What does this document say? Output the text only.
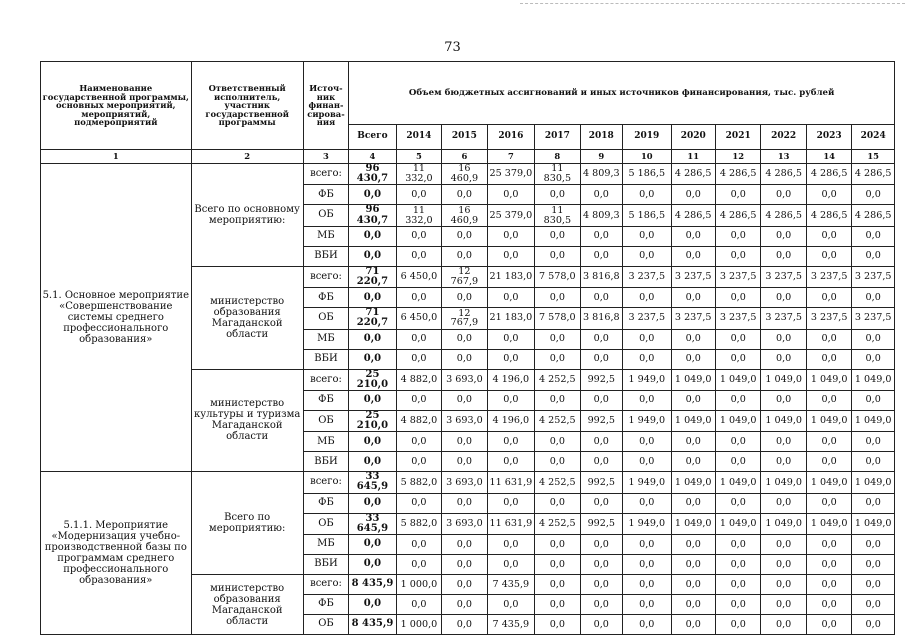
73
Наименование государственной программы, основных мероприятий, мероприятий, подмероприятий	Ответственный исполнитель, участник государственной программы	Источ- ник финан- сирова- ния	Объем бюджетных ассигнований и иных источников финансирования, тыс. рублей											
			Всего	2014	2015	2016	2017	2018	2019	2020	2021	2022	2023	2024
1	2	3	4	5	6	7	8	9	10	11	12	13	14	15
5.1. Основное мероприятие «Совершенствование системы среднего профессионального образования»	Всего по основному мероприятию:	всего:	96 430,7	11 332,0	16 460,9	25 379,0	11 830,5	4 809,3	5 186,5	4 286,5	4 286,5	4 286,5	4 286,5	4 286,5
		ФБ	0,0	0,0	0,0	0,0	0,0	0,0	0,0	0,0	0,0	0,0	0,0	0,0
		ОБ	96 430,7	11 332,0	16 460,9	25 379,0	11 830,5	4 809,3	5 186,5	4 286,5	4 286,5	4 286,5	4 286,5	4 286,5
		МБ	0,0	0,0	0,0	0,0	0,0	0,0	0,0	0,0	0,0	0,0	0,0	0,0
		ВБИ	0,0	0,0	0,0	0,0	0,0	0,0	0,0	0,0	0,0	0,0	0,0	0,0
	министерство образования Магаданской области	всего:	71 220,7	6 450,0	12 767,9	21 183,0	7 578,0	3 816,8	3 237,5	3 237,5	3 237,5	3 237,5	3 237,5	3 237,5
		ФБ	0,0	0,0	0,0	0,0	0,0	0,0	0,0	0,0	0,0	0,0	0,0	0,0
		ОБ	71 220,7	6 450,0	12 767,9	21 183,0	7 578,0	3 816,8	3 237,5	3 237,5	3 237,5	3 237,5	3 237,5	3 237,5
		МБ	0,0	0,0	0,0	0,0	0,0	0,0	0,0	0,0	0,0	0,0	0,0	0,0
		ВБИ	0,0	0,0	0,0	0,0	0,0	0,0	0,0	0,0	0,0	0,0	0,0	0,0
	министерство культуры и туризма Магаданской области	всего:	25 210,0	4 882,0	3 693,0	4 196,0	4 252,5	992,5	1 949,0	1 049,0	1 049,0	1 049,0	1 049,0	1 049,0
		ФБ	0,0	0,0	0,0	0,0	0,0	0,0	0,0	0,0	0,0	0,0	0,0	0,0
		ОБ	25 210,0	4 882,0	3 693,0	4 196,0	4 252,5	992,5	1 949,0	1 049,0	1 049,0	1 049,0	1 049,0	1 049,0
		МБ	0,0	0,0	0,0	0,0	0,0	0,0	0,0	0,0	0,0	0,0	0,0	0,0
		ВБИ	0,0	0,0	0,0	0,0	0,0	0,0	0,0	0,0	0,0	0,0	0,0	0,0
5.1.1. Мероприятие «Модернизация учебно-производственной базы по программам среднего профессионального образования»	Всего по мероприятию:	всего:	33 645,9	5 882,0	3 693,0	11 631,9	4 252,5	992,5	1 949,0	1 049,0	1 049,0	1 049,0	1 049,0	1 049,0
		ФБ	0,0	0,0	0,0	0,0	0,0	0,0	0,0	0,0	0,0	0,0	0,0	0,0
		ОБ	33 645,9	5 882,0	3 693,0	11 631,9	4 252,5	992,5	1 949,0	1 049,0	1 049,0	1 049,0	1 049,0	1 049,0
		МБ	0,0	0,0	0,0	0,0	0,0	0,0	0,0	0,0	0,0	0,0	0,0	0,0
		ВБИ	0,0	0,0	0,0	0,0	0,0	0,0	0,0	0,0	0,0	0,0	0,0	0,0
	министерство образования Магаданской области	всего:	8 435,9	1 000,0	0,0	7 435,9	0,0	0,0	0,0	0,0	0,0	0,0	0,0	0,0
		ФБ	0,0	0,0	0,0	0,0	0,0	0,0	0,0	0,0	0,0	0,0	0,0	0,0
		ОБ	8 435,9	1 000,0	0,0	7 435,9	0,0	0,0	0,0	0,0	0,0	0,0	0,0	0,0
